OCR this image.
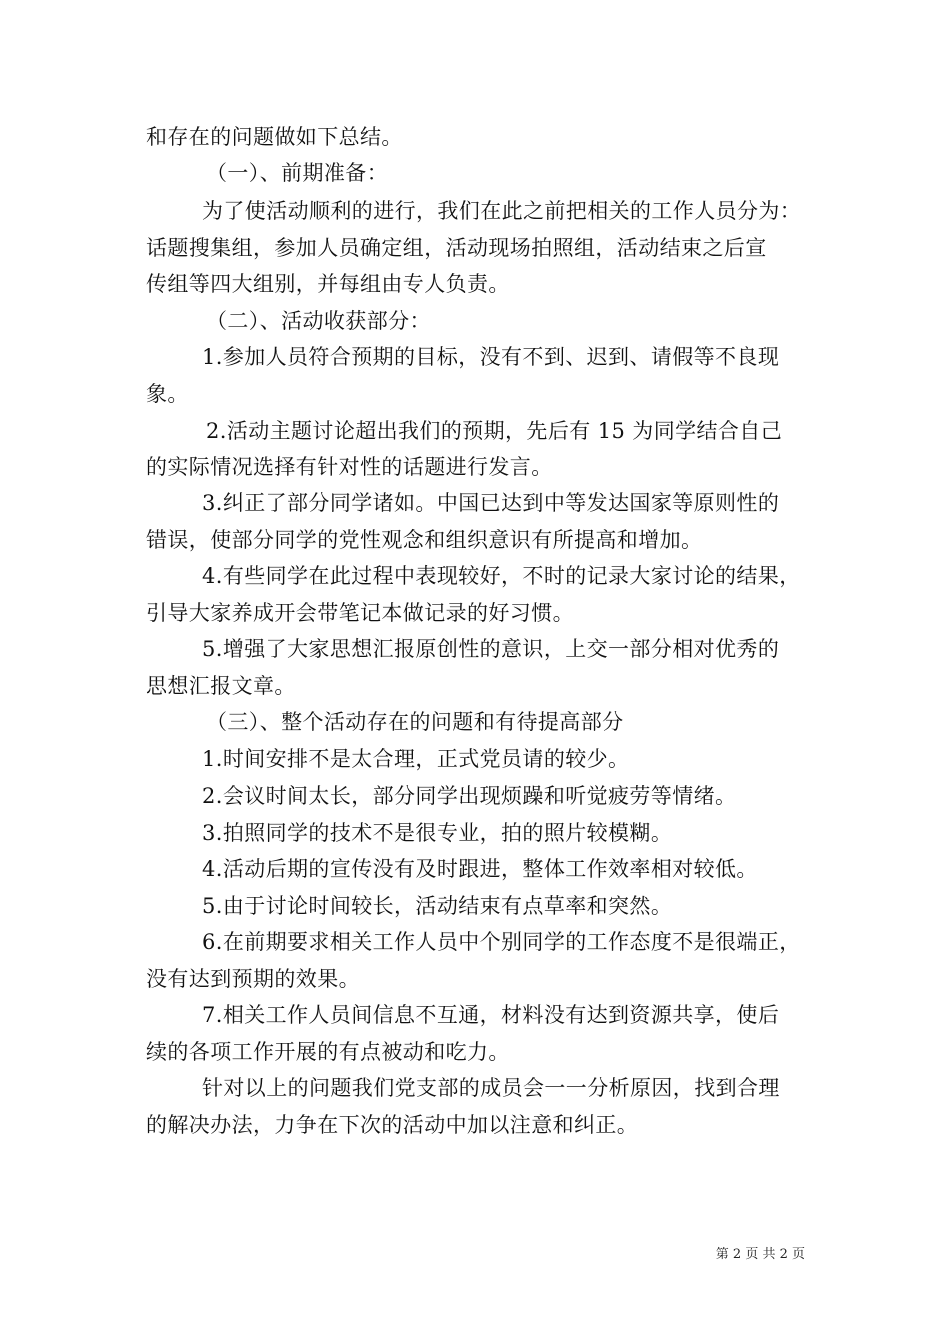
和存在的问题做如下总结。
（一）、前期准备：
为了使活动顺利的进行，我们在此之前把相关的工作人员分为：
话题搜集组，参加人员确定组，活动现场拍照组，活动结束之后宣
传组等四大组别，并每组由专人负责。
（二）、活动收获部分：
1.参加人员符合预期的目标，没有不到、迟到、请假等不良现
象。
2.活动主题讨论超出我们的预期，先后有 15 为同学结合自己
的实际情况选择有针对性的话题进行发言。
3.纠正了部分同学诸如。中国已达到中等发达国家等原则性的
错误，使部分同学的党性观念和组织意识有所提高和增加。
4.有些同学在此过程中表现较好，不时的记录大家讨论的结果，
引导大家养成开会带笔记本做记录的好习惯。
5.增强了大家思想汇报原创性的意识，上交一部分相对优秀的
思想汇报文章。
（三）、整个活动存在的问题和有待提高部分
1.时间安排不是太合理，正式党员请的较少。
2.会议时间太长，部分同学出现烦躁和听觉疲劳等情绪。
3.拍照同学的技术不是很专业，拍的照片较模糊。
4.活动后期的宣传没有及时跟进，整体工作效率相对较低。
5.由于讨论时间较长，活动结束有点草率和突然。
6.在前期要求相关工作人员中个别同学的工作态度不是很端正，
没有达到预期的效果。
7.相关工作人员间信息不互通，材料没有达到资源共享，使后
续的各项工作开展的有点被动和吃力。
针对以上的问题我们党支部的成员会一一分析原因，找到合理
的解决办法，力争在下次的活动中加以注意和纠正。
第 2 页 共 2 页
